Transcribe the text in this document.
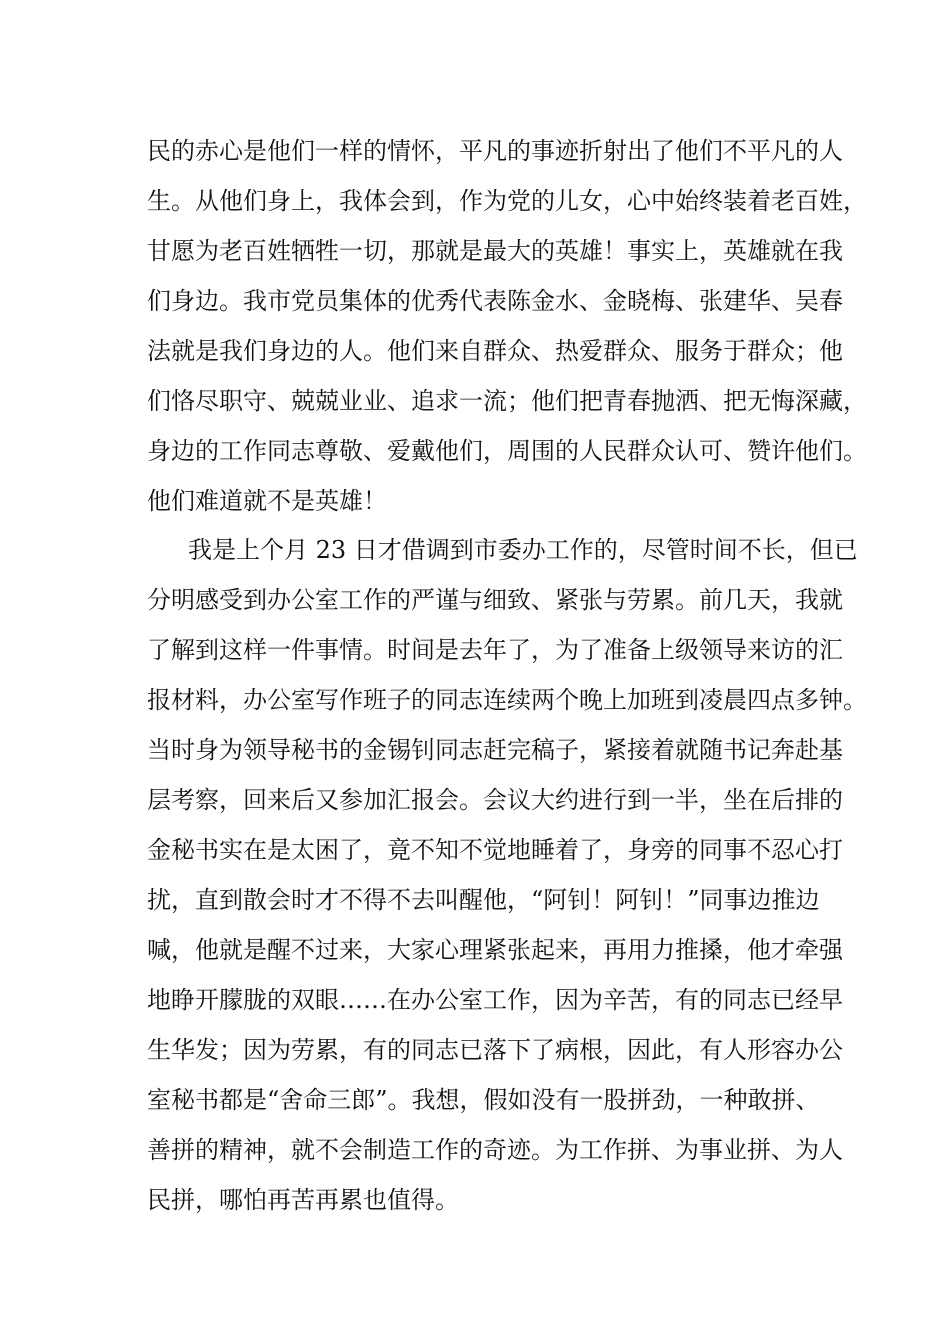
民的赤心是他们一样的情怀，平凡的事迹折射出了他们不平凡的人
生。从他们身上，我体会到，作为党的儿女，心中始终装着老百姓，
甘愿为老百姓牺牲一切，那就是最大的英雄！事实上，英雄就在我
们身边。我市党员集体的优秀代表陈金水、金晓梅、张建华、吴春
法就是我们身边的人。他们来自群众、热爱群众、服务于群众；他
们恪尽职守、兢兢业业、追求一流；他们把青春抛洒、把无悔深藏，
身边的工作同志尊敬、爱戴他们，周围的人民群众认可、赞许他们。
他们难道就不是英雄！
我是上个月 23 日才借调到市委办工作的，尽管时间不长，但已
分明感受到办公室工作的严谨与细致、紧张与劳累。前几天，我就
了解到这样一件事情。时间是去年了，为了准备上级领导来访的汇
报材料，办公室写作班子的同志连续两个晚上加班到凌晨四点多钟。
当时身为领导秘书的金锡钊同志赶完稿子，紧接着就随书记奔赴基
层考察，回来后又参加汇报会。会议大约进行到一半，坐在后排的
金秘书实在是太困了，竟不知不觉地睡着了，身旁的同事不忍心打
扰，直到散会时才不得不去叫醒他，“阿钊！阿钊！”同事边推边
喊，他就是醒不过来，大家心理紧张起来，再用力推搡，他才牵强
地睁开朦胧的双眼……在办公室工作，因为辛苦，有的同志已经早
生华发；因为劳累，有的同志已落下了病根，因此，有人形容办公
室秘书都是“舍命三郎”。我想，假如没有一股拼劲，一种敢拼、
善拼的精神，就不会制造工作的奇迹。为工作拼、为事业拼、为人
民拼，哪怕再苦再累也值得。
